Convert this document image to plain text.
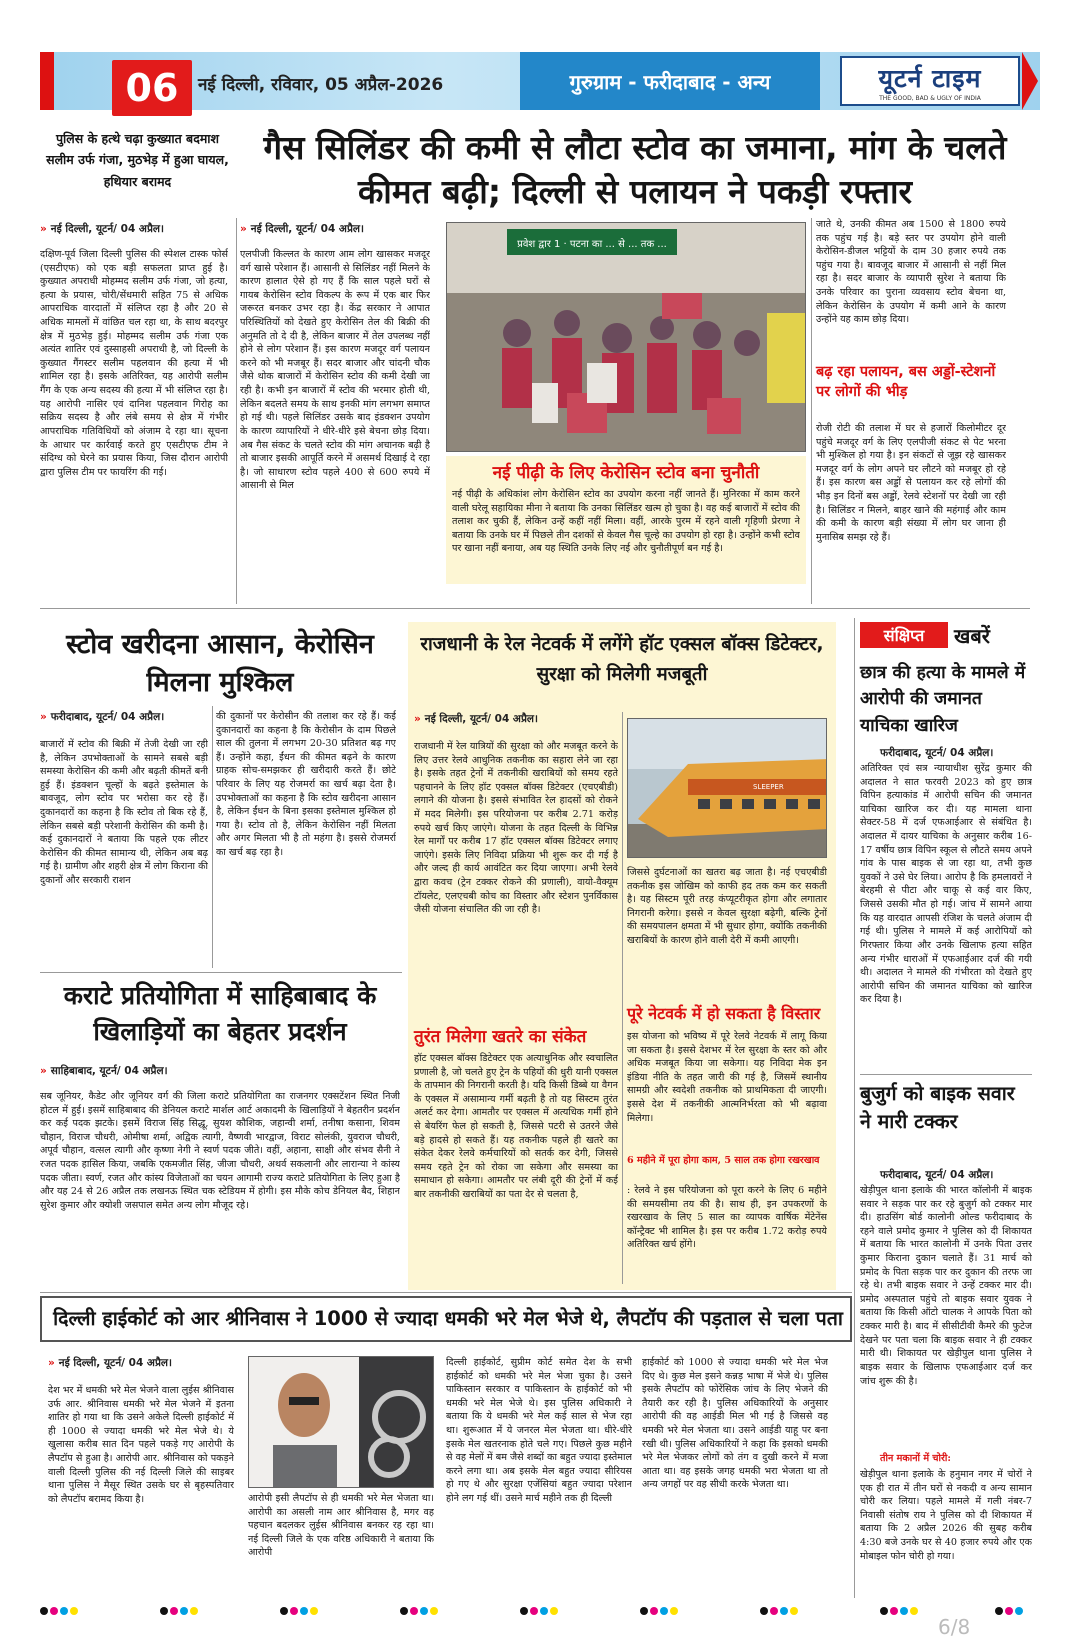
06	नई दिल्ली, रविवार, 05 अप्रैल-2026	गुरुग्राम - फरीदाबाद - अन्य	यूटर्न टाइम
THE GOOD, BAD & UGLY OF INDIA
पुलिस के हत्थे चढ़ा कुख्यात बदमाश सलीम उर्फ गंजा, मुठभेड़ में हुआ घायल, हथियार बरामद
» नई दिल्ली, यूटर्न/ 04 अप्रैल।
दक्षिण-पूर्व जिला दिल्ली पुलिस की स्पेशल टास्क फोर्स (एसटीएफ) को एक बड़ी सफलता प्राप्त हुई है। कुख्यात अपराधी मोहम्मद सलीम उर्फ गंजा, जो हत्या, हत्या के प्रयास, चोरी/सेंधमारी सहित 75 से अधिक आपराधिक वारदातों में संलिप्त रहा है और 20 से अधिक मामलों में वांछित चल रहा था, के साथ बदरपुर क्षेत्र में मुठभेड़ हुई। मोहम्मद सलीम उर्फ गंजा एक अत्यंत शातिर एवं दुस्साहसी अपराधी है, जो दिल्ली के कुख्यात गैंगस्टर सलीम पहलवान की हत्या में भी शामिल रहा है। इसके अतिरिक्त, यह आरोपी सलीम गैंग के एक अन्य सदस्य की हत्या में भी संलिप्त रहा है। यह आरोपी नासिर एवं दानिश पहलवान गिरोह का सक्रिय सदस्य है और लंबे समय से क्षेत्र में गंभीर आपराधिक गतिविधियों को अंजाम दे रहा था। सूचना के आधार पर कार्रवाई करते हुए एसटीएफ टीम ने संदिग्ध को घेरने का प्रयास किया, जिस दौरान आरोपी द्वारा पुलिस टीम पर फायरिंग की गई।
गैस सिलिंडर की कमी से लौटा स्टोव का जमाना, मांग के चलते कीमत बढ़ी; दिल्ली से पलायन ने पकड़ी रफ्तार
» नई दिल्ली, यूटर्न/ 04 अप्रैल।
एलपीजी किल्लत के कारण आम लोग खासकर मजदूर वर्ग खासे परेशान हैं। आसानी से सिलिंडर नहीं मिलने के कारण हालात ऐसे हो गए हैं कि साल पहले घरों से गायब केरोसिन स्टोव विकल्प के रूप में एक बार फिर जरूरत बनकर उभर रहा है। केंद्र सरकार ने आपात परिस्थितियों को देखते हुए केरोसिन तेल की बिक्री की अनुमति तो दे दी है, लेकिन बाजार में तेल उपलब्ध नहीं होने से लोग परेशान हैं। इस कारण मजदूर वर्ग पलायन करने को भी मजबूर हैं। सदर बाजार और चांदनी चौक जैसे थोक बाजारों में केरोसिन स्टोव की कमी देखी जा रही है। कभी इन बाजारों में स्टोव की भरमार होती थी, लेकिन बदलते समय के साथ इनकी मांग लगभग समाप्त हो गई थी। पहले सिलिंडर उसके बाद इंडक्शन उपयोग के कारण व्यापारियों ने धीरे-धीरे इसे बेचना छोड़ दिया। अब गैस संकट के चलते स्टोव की मांग अचानक बढ़ी है तो बाजार इसकी आपूर्ति करने में असमर्थ दिखाई दे रहा है। जो साधारण स्टोव पहले 400 से 600 रुपये में आसानी से मिल
प्रवेश द्वार 1 · पटना का ... से ... तक ...
नई पीढ़ी के लिए केरोसिन स्टोव बना चुनौती
नई पीढ़ी के अधिकांश लोग केरोसिन स्टोव का उपयोग करना नहीं जानते हैं। मुनिरका में काम करने वाली घरेलू सहायिका मीना ने बताया कि उनका सिलिंडर खत्म हो चुका है। वह कई बाजारों में स्टोव की तलाश कर चुकी हैं, लेकिन उन्हें कहीं नहीं मिला। वहीं, आरके पुरम में रहने वाली गृहिणी प्रेरणा ने बताया कि उनके घर में पिछले तीन दशकों से केवल गैस चूल्हे का उपयोग हो रहा है। उन्होंने कभी स्टोव पर खाना नहीं बनाया, अब यह स्थिति उनके लिए नई और चुनौतीपूर्ण बन गई है।
जाते थे, उनकी कीमत अब 1500 से 1800 रुपये तक पहुंच गई है। बड़े स्तर पर उपयोग होने वाली केरोसिन-डीजल भट्टियों के दाम 30 हजार रुपये तक पहुंच गया है। बावजूद बाजार में आसानी से नहीं मिल रहा है। सदर बाजार के व्यापारी सुरेश ने बताया कि उनके परिवार का पुराना व्यवसाय स्टोव बेचना था, लेकिन केरोसिन के उपयोग में कमी आने के कारण उन्होंने यह काम छोड़ दिया।
बढ़ रहा पलायन, बस अड्डों-स्टेशनों पर लोगों की भीड़
रोजी रोटी की तलाश में घर से हजारों किलोमीटर दूर पहुंचे मजदूर वर्ग के लिए एलपीजी संकट से पेट भरना भी मुश्किल हो गया है। इन संकटों से जूझ रहे खासकर मजदूर वर्ग के लोग अपने घर लौटने को मजबूर हो रहे हैं। इस कारण बस अड्डों से पलायन कर रहे लोगों की भीड़ इन दिनों बस अड्डों, रेलवे स्टेशनों पर देखी जा रही है। सिलिंडर न मिलने, बाहर खाने की महंगाई और काम की कमी के कारण बड़ी संख्या में लोग घर जाना ही मुनासिब समझ रहे हैं।
स्टोव खरीदना आसान, केरोसिन मिलना मुश्किल
» फरीदाबाद, यूटर्न/ 04 अप्रैल।
बाजारों में स्टोव की बिक्री में तेजी देखी जा रही है, लेकिन उपभोक्ताओं के सामने सबसे बड़ी समस्या केरोसिन की कमी और बढ़ती कीमतें बनी हुई हैं। इंडक्शन चूल्हों के बढ़ते इस्तेमाल के बावजूद, लोग स्टोव पर भरोसा कर रहे हैं। दुकानदारों का कहना है कि स्टोव तो बिक रहे हैं, लेकिन सबसे बड़ी परेशानी केरोसिन की कमी है। कई दुकानदारों ने बताया कि पहले एक लीटर केरोसिन की कीमत सामान्य थी, लेकिन अब बढ़ गई है। ग्रामीण और शहरी क्षेत्र में लोग किराना की दुकानों और सरकारी राशन
की दुकानों पर केरोसीन की तलाश कर रहे हैं। कई दुकानदारों का कहना है कि केरोसीन के दाम पिछले साल की तुलना में लगभग 20-30 प्रतिशत बढ़ गए हैं। उन्होंने कहा, ईंधन की कीमत बढ़ने के कारण ग्राहक सोच-समझकर ही खरीदारी करते हैं। छोटे परिवार के लिए यह रोजमर्रा का खर्च बढ़ा देता है। उपभोक्ताओं का कहना है कि स्टोव खरीदना आसान है, लेकिन ईंधन के बिना इसका इस्तेमाल मुश्किल हो गया है। स्टोव तो है, लेकिन केरोसिन नहीं मिलता और अगर मिलता भी है तो महंगा है। इससे रोजमर्रा का खर्च बढ़ रहा है।
कराटे प्रतियोगिता में साहिबाबाद के खिलाड़ियों का बेहतर प्रदर्शन
» साहिबाबाद, यूटर्न/ 04 अप्रैल।
सब जूनियर, कैडेट और जूनियर वर्ग की जिला कराटे प्रतियोगिता का राजनगर एक्सटेंशन स्थित निजी होटल में हुई। इसमें साहिबाबाद की डेनियल कराटे मार्शल आर्ट अकादमी के खिलाड़ियों ने बेहतरीन प्रदर्शन कर कई पदक झटके। इसमें विराज सिंह सिद्धू, सुयश कौशिक, जहान्वी शर्मा, तनीषा कसाना, शिवम चौहान, विराज चौधरी, ओमीषा शर्मा, अद्विक त्यागी, वैष्णवी भारद्वाज, विराट सोलंकी, युवराज चौधरी, अपूर्व चौहान, वत्सल त्यागी और कृष्णा नेगी ने स्वर्ण पदक जीते। वहीं, अहाना, साक्षी और संभव सैनी ने रजत पदक हासिल किया, जबकि एकमजीत सिंह, जीजा चौधरी, अथर्व सकलानी और लारान्या ने कांस्य पदक जीता। स्वर्ण, रजत और कांस्य विजेताओं का चयन आगामी राज्य कराटे प्रतियोगिता के लिए हुआ है और यह 24 से 26 अप्रैल तक लखनऊ स्थित चक स्टेडियम में होगी। इस मौके कोच डेनियल बैद, शिहान सुरेश कुमार और क्योशी जसपाल समेत अन्य लोग मौजूद रहे।
राजधानी के रेल नेटवर्क में लगेंगे हॉट एक्सल बॉक्स डिटेक्टर, सुरक्षा को मिलेगी मजबूती
» नई दिल्ली, यूटर्न/ 04 अप्रैल।
राजधानी में रेल यात्रियों की सुरक्षा को और मजबूत करने के लिए उत्तर रेलवे आधुनिक तकनीक का सहारा लेने जा रहा है। इसके तहत ट्रेनों में तकनीकी खराबियों को समय रहते पहचानने के लिए हॉट एक्सल बॉक्स डिटेक्टर (एचएबीडी) लगाने की योजना है। इससे संभावित रेल हादसों को रोकने में मदद मिलेगी। इस परियोजना पर करीब 2.71 करोड़ रुपये खर्च किए जाएंगे। योजना के तहत दिल्ली के विभिन्न रेल मार्गों पर करीब 17 हॉट एक्सल बॉक्स डिटेक्टर लगाए जाएंगे। इसके लिए निविदा प्रक्रिया भी शुरू कर दी गई है और जल्द ही कार्य आवंटित कर दिया जाएगा। अभी रेलवे द्वारा कवच (ट्रेन टक्कर रोकने की प्रणाली), वायो-वैक्यूम टॉयलेट, एलएचबी कोच का विस्तार और स्टेशन पुनर्विकास जैसी योजना संचालित की जा रही है।
तुरंत मिलेगा खतरे का संकेत
हॉट एक्सल बॉक्स डिटेक्टर एक अत्याधुनिक और स्वचालित प्रणाली है, जो चलते हुए ट्रेन के पहियों की धुरी यानी एक्सल के तापमान की निगरानी करती है। यदि किसी डिब्बे या वैगन के एक्सल में असामान्य गर्मी बढ़ती है तो यह सिस्टम तुरंत अलर्ट कर देगा। आमतौर पर एक्सल में अत्यधिक गर्मी होने से बेयरिंग फेल हो सकती है, जिससे पटरी से उतरने जैसे बड़े हादसे हो सकते हैं। यह तकनीक पहले ही खतरे का संकेत देकर रेलवे कर्मचारियों को सतर्क कर देगी, जिससे समय रहते ट्रेन को रोका जा सकेगा और समस्या का समाधान हो सकेगा। आमतौर पर लंबी दूरी की ट्रेनों में कई बार तकनीकी खराबियों का पता देर से चलता है,
SLEEPER
जिससे दुर्घटनाओं का खतरा बढ़ जाता है। नई एचएबीडी तकनीक इस जोखिम को काफी हद तक कम कर सकती है। यह सिस्टम पूरी तरह कंप्यूटरीकृत होगा और लगातार निगरानी करेगा। इससे न केवल सुरक्षा बढ़ेगी, बल्कि ट्रेनों की समयपालन क्षमता में भी सुधार होगा, क्योंकि तकनीकी खराबियों के कारण होने वाली देरी में कमी आएगी।
पूरे नेटवर्क में हो सकता है विस्तार
इस योजना को भविष्य में पूरे रेलवे नेटवर्क में लागू किया जा सकता है। इससे देशभर में रेल सुरक्षा के स्तर को और अधिक मजबूत किया जा सकेगा। यह निविदा मेक इन इंडिया नीति के तहत जारी की गई है, जिसमें स्थानीय सामग्री और स्वदेशी तकनीक को प्राथमिकता दी जाएगी। इससे देश में तकनीकी आत्मनिर्भरता को भी बढ़ावा मिलेगा।
6 महीने में पूरा होगा काम, 5 साल तक होगा रखरखाव
: रेलवे ने इस परियोजना को पूरा करने के लिए 6 महीने की समयसीमा तय की है। साथ ही, इन उपकरणों के रखरखाव के लिए 5 साल का व्यापक वार्षिक मेंटेनेंस कॉन्ट्रैक्ट भी शामिल है। इस पर करीब 1.72 करोड़ रुपये अतिरिक्त खर्च होंगे।
संक्षिप्त	खबरें
छात्र की हत्या के मामले में आरोपी की जमानत याचिका खारिज
फरीदाबाद, यूटर्न/ 04 अप्रैल।
अतिरिक्त एवं सत्र न्यायाधीश सुरेंद्र कुमार की अदालत ने सात फरवरी 2023 को हुए छात्र विपिन हत्याकांड में आरोपी सचिन की जमानत याचिका खारिज कर दी। यह मामला थाना सेक्टर-58 में दर्ज एफआईआर से संबंधित है। अदालत में दायर याचिका के अनुसार करीब 16-17 वर्षीय छात्र विपिन स्कूल से लौटते समय अपने गांव के पास बाइक से जा रहा था, तभी कुछ युवकों ने उसे घेर लिया। आरोप है कि हमलावरों ने बेरहमी से पीटा और चाकू से कई वार किए, जिससे उसकी मौत हो गई। जांच में सामने आया कि यह वारदात आपसी रंजिश के चलते अंजाम दी गई थी। पुलिस ने मामले में कई आरोपियों को गिरफ्तार किया और उनके खिलाफ हत्या सहित अन्य गंभीर धाराओं में एफआईआर दर्ज की गयी थी। अदालत ने मामले की गंभीरता को देखते हुए आरोपी सचिन की जमानत याचिका को खारिज कर दिया है।
बुजुर्ग को बाइक सवार ने मारी टक्कर
फरीदाबाद, यूटर्न/ 04 अप्रैल।
खेड़ीपुल थाना इलाके की भारत कॉलोनी में बाइक सवार ने सड़क पार कर रहे बुजुर्ग को टक्कर मार दी। हाउसिंग बोर्ड कालोनी ओल्ड फरीदाबाद के रहने वाले प्रमोद कुमार ने पुलिस को दी शिकायत में बताया कि भारत कालोनी में उनके पिता उत्तर कुमार किराना दुकान चलाते हैं। 31 मार्च को प्रमोद के पिता सड़क पार कर दुकान की तरफ जा रहे थे। तभी बाइक सवार ने उन्हें टक्कर मार दी। प्रमोद अस्पताल पहुंचे तो बाइक सवार युवक ने बताया कि किसी ऑटो चालक ने आपके पिता को टक्कर मारी है। बाद में सीसीटीवी कैमरे की फुटेज देखने पर पता चला कि बाइक सवार ने ही टक्कर मारी थी। शिकायत पर खेड़ीपुल थाना पुलिस ने बाइक सवार के खिलाफ एफआईआर दर्ज कर जांच शुरू की है।
तीन मकानों में चोरी:
खेड़ीपुल थाना इलाके के हनुमान नगर में चोरों ने एक ही रात में तीन घरों से नकदी व अन्य सामान चोरी कर लिया। पहले मामले में गली नंबर-7 निवासी संतोष राय ने पुलिस को दी शिकायत में बताया कि 2 अप्रैल 2026 की सुबह करीब 4:30 बजे उनके घर से 40 हजार रुपये और एक मोबाइल फोन चोरी हो गया।
दिल्ली हाईकोर्ट को आर श्रीनिवास ने 1000 से ज्यादा धमकी भरे मेल भेजे थे, लैपटॉप की पड़ताल से चला पता
» नई दिल्ली, यूटर्न/ 04 अप्रैल।
देश भर में धमकी भरे मेल भेजने वाला लुईस श्रीनिवास उर्फ आर. श्रीनिवास धमकी भरे मेल भेजने में इतना शातिर हो गया था कि उसने अकेले दिल्ली हाईकोर्ट में ही 1000 से ज्यादा धमकी भरे मेल भेजे थे। ये खुलासा करीब सात दिन पहले पकड़े गए आरोपी के लैपटॉप से हुआ है। आरोपी आर. श्रीनिवास को पकड़ने वाली दिल्ली पुलिस की नई दिल्ली जिले की साइबर थाना पुलिस ने मैसूर स्थित उसके घर से बृहस्पतिवार को लैपटॉप बरामद किया है।	आरोपी इसी लैपटॉप से ही धमकी भरे मेल भेजता था। आरोपी का असली नाम आर श्रीनिवास है, मगर वह पहचान बदलकर लुईस श्रीनिवास बनकर रह रहा था। नई दिल्ली जिले के एक वरिष्ठ अधिकारी ने बताया कि आरोपी
दिल्ली हाईकोर्ट, सुप्रीम कोर्ट समेत देश के सभी हाईकोर्ट को धमकी भरे मेल भेजा चुका है। उसने पाकिस्तान सरकार व पाकिस्तान के हाईकोर्ट को भी धमकी भरे मेल भेजे थे। इस पुलिस अधिकारी ने बताया कि ये धमकी भरे मेल कई साल से भेज रहा था। शुरूआत में ये जनरल मेल भेजता था। धीरे-धीरे इसके मेल खतरनाक होते चले गए। पिछले कुछ महीने से वह मेलों में बम जैसे शब्दों का बहुत ज्यादा इस्तेमाल करने लगा था। अब इसके मेल बहुत ज्यादा सीरियस हो गए थे और सुरक्षा एजेंसियां बहुत ज्यादा परेशान होने लग गई थीं। उसने मार्च महीने तक ही दिल्ली
हाईकोर्ट को 1000 से ज्यादा धमकी भरे मेल भेज दिए थे। कुछ मेल इसने कन्नड़ भाषा में भेजे थे। पुलिस इसके लैपटॉप को फोरेंसिक जांच के लिए भेजने की तैयारी कर रही है। पुलिस अधिकारियों के अनुसार आरोपी की वह आईडी मिल भी गई है जिससे वह धमकी भरे मेल भेजता था। उसने आईडी याहू पर बना रखी थी। पुलिस अधिकारियों ने कहा कि इसको धमकी भरे मेल भेजकर लोगों को तंग व दुखी करने में मजा आता था। वह इसके जगह धमकी भरा भेजता था तो अन्य जगहों पर वह सीधी करके भेजता था।
6/8
